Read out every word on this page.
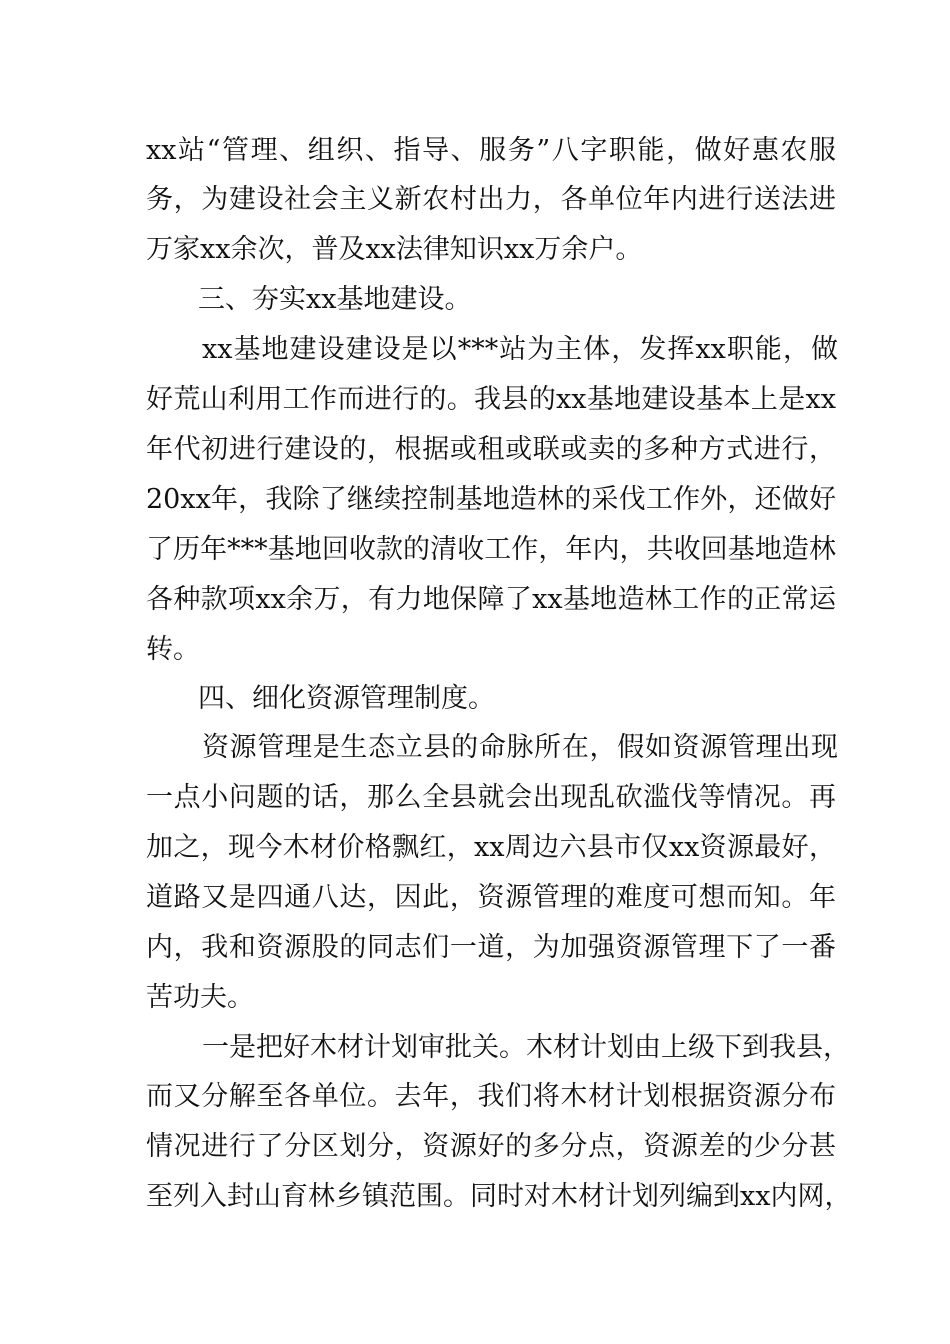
xx站“管理、组织、指导、服务”八字职能，做好惠农服
务，为建设社会主义新农村出力，各单位年内进行送法进
万家xx余次，普及xx法律知识xx万余户。
三、夯实xx基地建设。
xx基地建设建设是以***站为主体，发挥xx职能，做
好荒山利用工作而进行的。我县的xx基地建设基本上是xx
年代初进行建设的，根据或租或联或卖的多种方式进行，
20xx年，我除了继续控制基地造林的采伐工作外，还做好
了历年***基地回收款的清收工作，年内，共收回基地造林
各种款项xx余万，有力地保障了xx基地造林工作的正常运
转。
四、细化资源管理制度。
资源管理是生态立县的命脉所在，假如资源管理出现
一点小问题的话，那么全县就会出现乱砍滥伐等情况。再
加之，现今木材价格飘红，xx周边六县市仅xx资源最好，
道路又是四通八达，因此，资源管理的难度可想而知。年
内，我和资源股的同志们一道，为加强资源管理下了一番
苦功夫。
一是把好木材计划审批关。木材计划由上级下到我县，
而又分解至各单位。去年，我们将木材计划根据资源分布
情况进行了分区划分，资源好的多分点，资源差的少分甚
至列入封山育林乡镇范围。同时对木材计划列编到xx内网，
